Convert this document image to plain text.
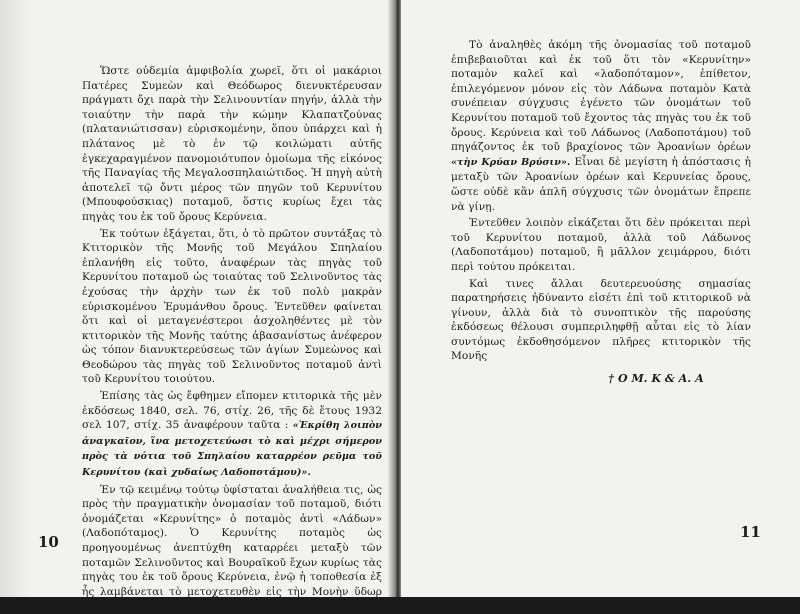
Ὥστε οὐδεμία ἀμφιβολία χωρεῖ, ὅτι οἱ μακάριοι Πατέρες Συμεὼν καὶ Θεόδωρος διενυκτέρευσαν πράγματι ὄχι παρὰ τὴν Σελινουντίαν πηγήν, ἀλλὰ τὴν τοιαύτην τὴν παρὰ τὴν κώμην Κλαπατζούνας (πλατανιώτισσαν) εὑρισκομένην, ὅπου ὑπάρχει καὶ ἡ πλάτανος μὲ τὸ ἐν τῷ κοιλώματι αὐτῆς ἐγκεχαραγμένον πανομοιότυπον ὁμοίωμα τῆς εἰκόνος τῆς Παναγίας τῆς Μεγαλοσπηλαιώτιδος. Ἡ πηγὴ αὐτὴ ἀποτελεῖ τῷ ὄντι μέρος τῶν πηγῶν τοῦ Κερυνίτου (Μπουφούσκιας) ποταμοῦ, ὅστις κυρίως ἔχει τὰς πηγὰς του ἐκ τοῦ ὄρους Κερύνεια.

Ἐκ τούτων ἐξάγεται, ὅτι, ὁ τὸ πρῶτον συντάξας τὸ Κτιτορικὸν τῆς Μονῆς τοῦ Μεγάλου Σπηλαίου ἐπλανήθη εἰς τοῦτο, ἀναφέρων τὰς πηγὰς τοῦ Κερυνίτου ποταμοῦ ὡς τοιαύτας τοῦ Σελινοῦντος τὰς ἐχούσας τὴν ἀρχὴν των ἐκ τοῦ πολὺ μακρὰν εὑρισκομένου Ἐρυμάνθου ὄρους. Ἐντεῦθεν φαίνεται ὅτι καὶ οἱ μεταγενέστεροι ἀσχοληθέντες μὲ τὸν κτιτορικὸν τῆς Μονῆς ταύτης ἀβασανίστως ἀνέφερον ὡς τόπον διανυκτερεύσεως τῶν ἁγίων Συμεὼνος καὶ Θεοδώρου τὰς πηγὰς τοῦ Σελινοῦντος ποταμοῦ ἀντὶ τοῦ Κερυνίτου τοιούτου.

Ἐπίσης τὰς ὡς ἔφθημεν εἴπομεν κτιτορικὰ τῆς μὲν ἐκδόσεως 1840, σελ. 76, στίχ. 26, τῆς δὲ ἔτους 1932 σελ 107, στίχ. 35 ἀναφέρουν ταῦτα : «Ἐκρίθη λοιπὸν ἀναγκαῖον, ἵνα μετοχετεύωσι τὸ καὶ μέχρι σήμερον πρὸς τὰ νότια τοῦ Σπηλαίου καταρρέον ρεῦμα τοῦ Κερυνίτου (καὶ χυδαίως Λαδοποτάμου)».

Ἐν τῷ κειμένῳ τούτῳ ὑφίσταται ἀναλήθεια τις, ὡς πρὸς τὴν πραγματικὴν ὀνομασίαν τοῦ ποταμοῦ, διότι ὀνομάζεται «Κερυνίτης» ὁ ποταμὸς ἀντὶ «Λάδων» (Λαδοπόταμος). Ὁ Κερυνίτης ποταμὸς ὡς προηγουμένως ἀνεπτύχθη καταρρέει μεταξὺ τῶν ποταμῶν Σελινοῦντος καὶ Βουραϊκοῦ ἔχων κυρίως τὰς πηγὰς του ἐκ τοῦ ὄρους Κερύνεια, ἐνῷ ἡ τοποθεσία ἐξ ἧς λαμβάνεται τὸ μετοχετευθὲν εἰς τὴν Μονὴν ὕδωρ κεῖται ὑπεράνω καὶ νοτίως ταύτης.

10

Τὸ ἀναληθὲς ἀκόμη τῆς ὀνομασίας τοῦ ποταμοῦ ἐπιβεβαιοῦται καὶ ἐκ τοῦ ὅτι τὸν «Κερυνίτην» ποταμὸν καλεῖ καὶ «λαδοπόταμον», ἐπίθετον, ἐπιλεγόμενον μόνον εἰς τὸν Λάδωνα ποταμὸν Κατὰ συνέπειαν σύγχυσις ἐγένετο τῶν ὀνομάτων τοῦ Κερυνίτου ποταμοῦ τοῦ ἔχοντος τὰς πηγὰς του ἐκ τοῦ ὄρους. Κερύνεια καὶ τοῦ Λάδωνος (Λαδοποτάμου) τοῦ πηγάζοντος ἐκ τοῦ βραχίονος τῶν Ἀροανίων ὀρέων «τὴν Κρύαν Βρύσιν». Εἶναι δὲ μεγίστη ἡ ἀπόστασις ἡ μεταξὺ τῶν Ἀροανίων ὀρέων καὶ Κερυνείας ὄρους, ὥστε οὐδὲ κἂν ἁπλῆ σύγχυσις τῶν ὀνομάτων ἔπρεπε νὰ γίνῃ.

Ἐντεῦθεν λοιπὸν εἰκάζεται ὅτι δὲν πρόκειται περὶ τοῦ Κερυνίτου ποταμοῦ, ἀλλὰ τοῦ Λάδωνος (Λαδοποτάμου) ποταμοῦ, ἢ μᾶλλον χειμάρρου, διότι περὶ τούτου πρόκειται.

Καὶ τινες ἄλλαι δευτερευούσης σημασίας παρατηρήσεις ἠδύναντο εἰσέτι ἐπὶ τοῦ κτιτορικοῦ νὰ γίνουν, ἀλλὰ διὰ τὸ συνοπτικὸν τῆς παρούσης ἐκδόσεως θέλουσι συμπεριληφθῇ αὗται εἰς τὸ λίαν συντόμως ἐκδοθησόμενον πλῆρες κτιτορικὸν τῆς Μονῆς

† Ο Μ. Κ & Α. Α

11
